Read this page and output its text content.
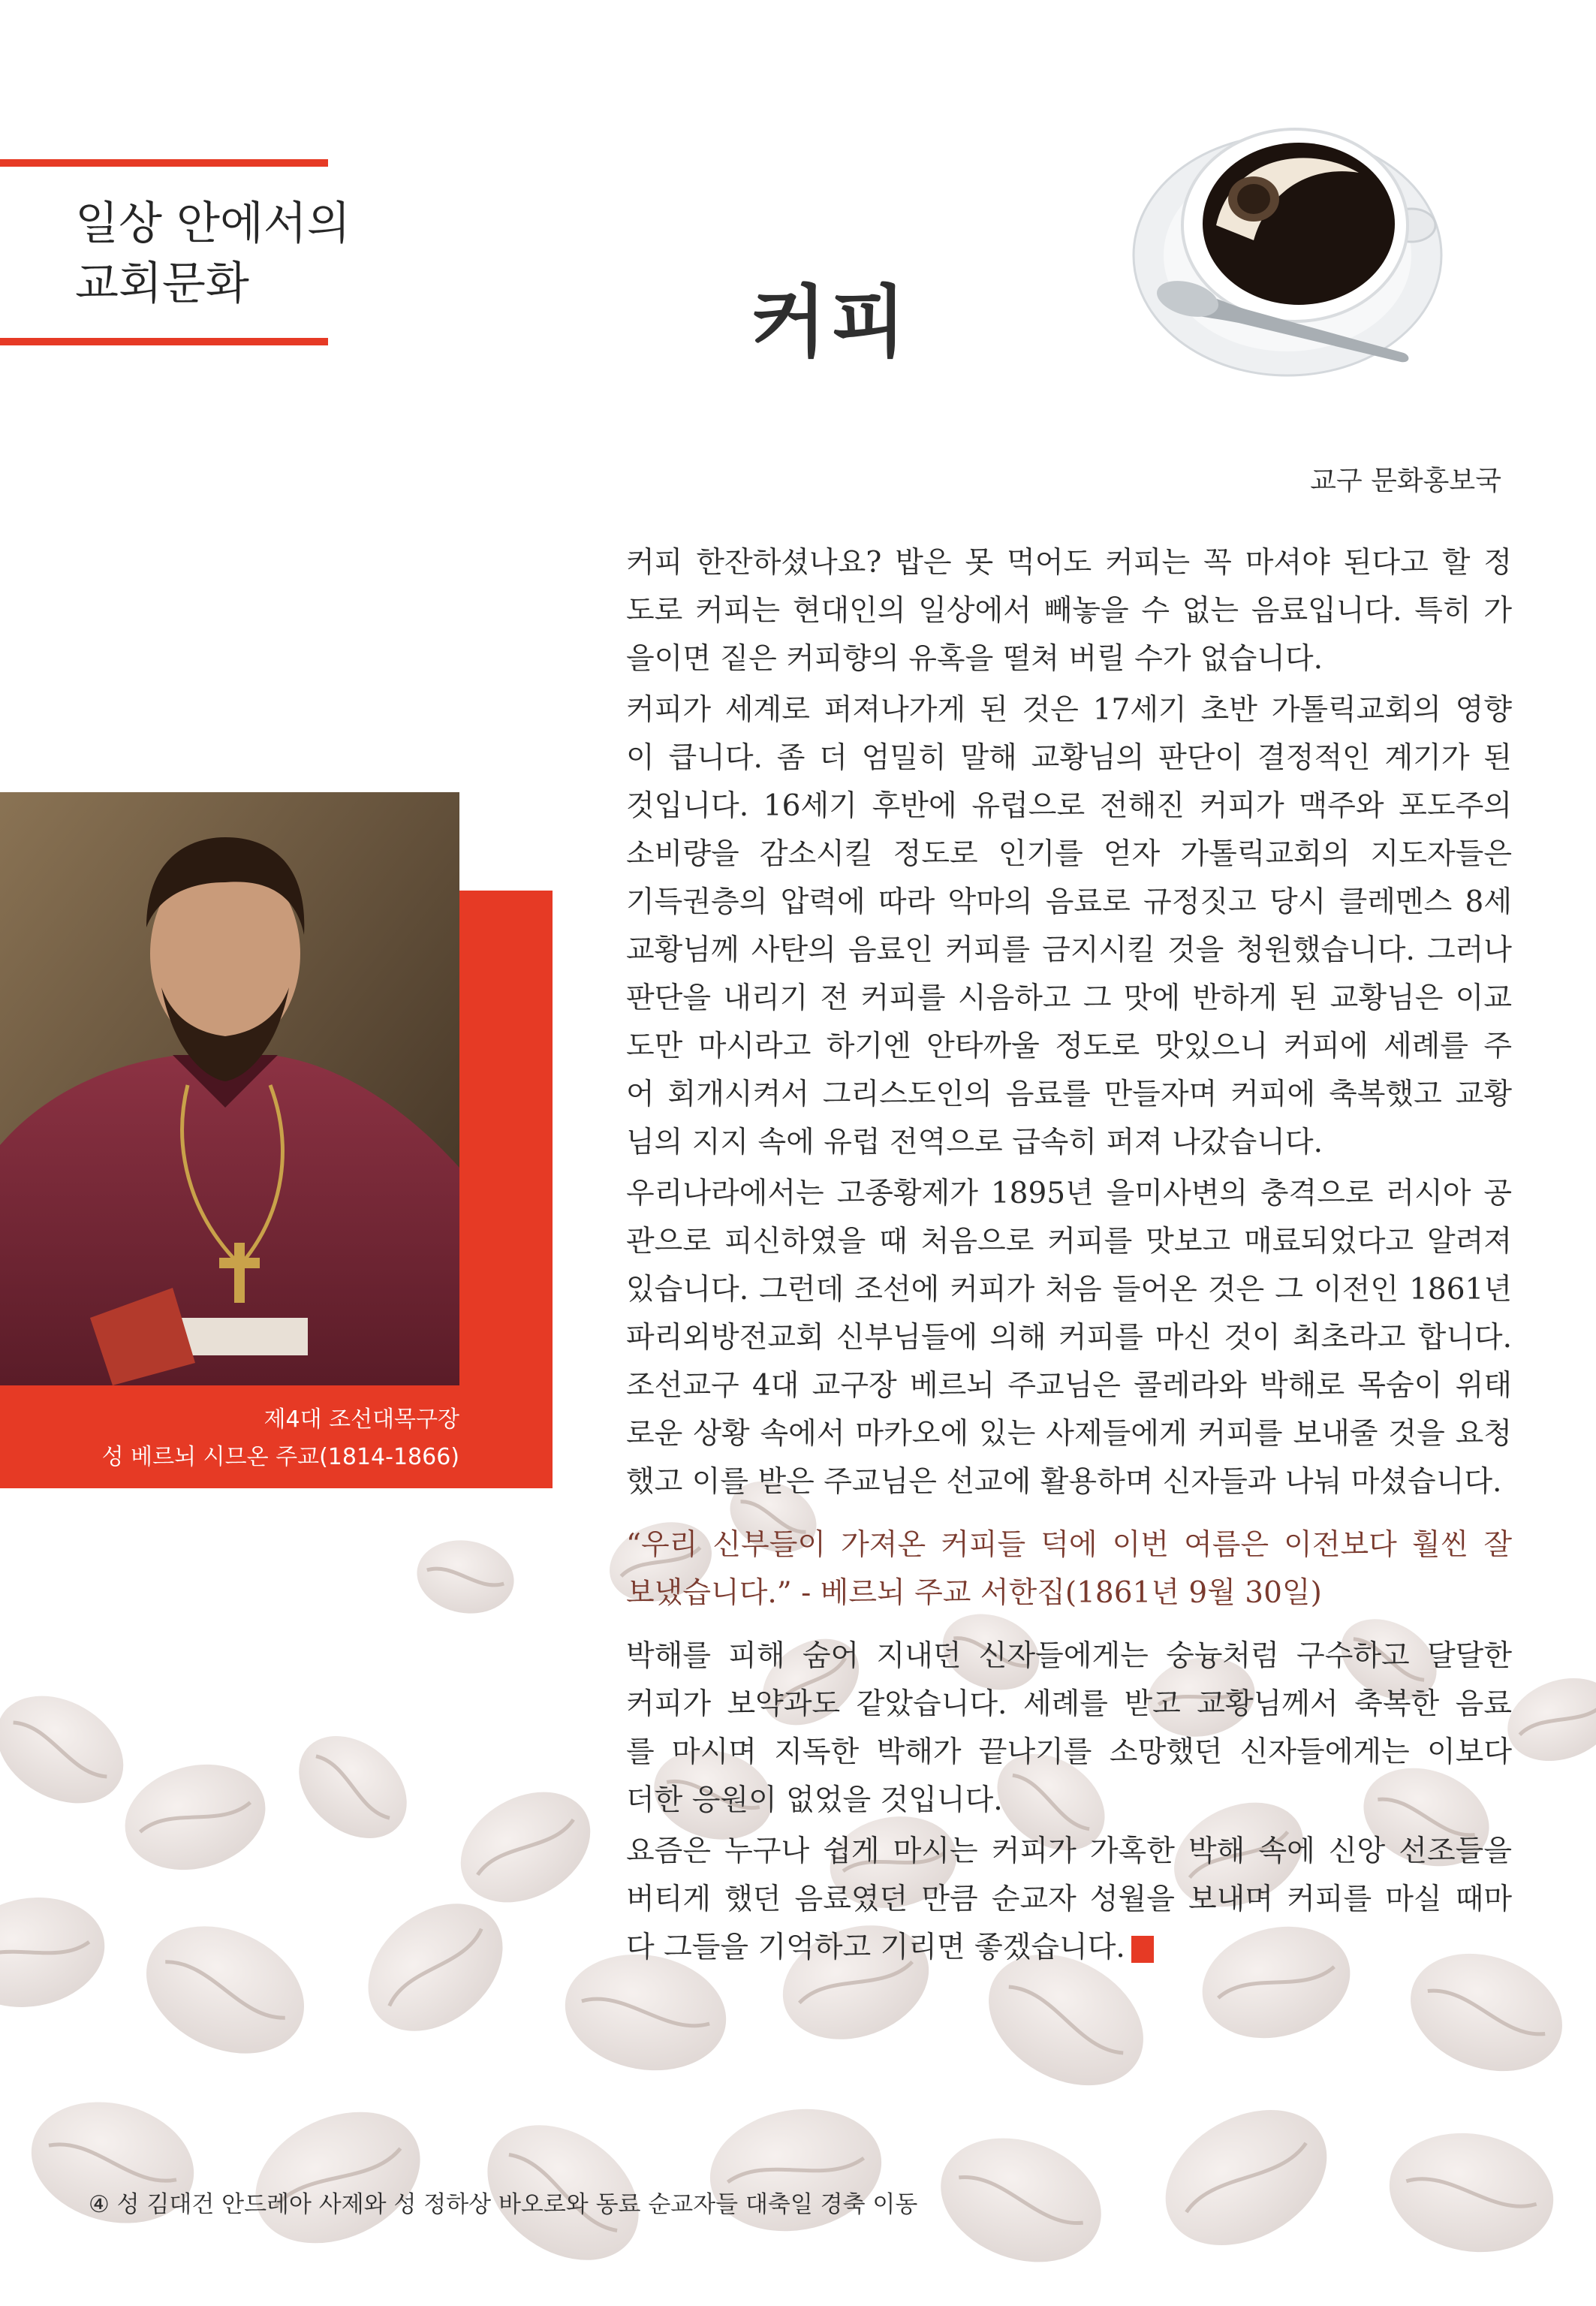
일상 안에서의
교회문화	커피
교구 문화홍보국
제4대 조선대목구장
성 베르뇌 시므온 주교(1814-1866)
커피 한잔하셨나요? 밥은 못 먹어도 커피는 꼭 마셔야 된다고 할 정
도로 커피는 현대인의 일상에서 빼놓을 수 없는 음료입니다. 특히 가
을이면 짙은 커피향의 유혹을 떨쳐 버릴 수가 없습니다.
커피가 세계로 퍼져나가게 된 것은 17세기 초반 가톨릭교회의 영향
이 큽니다. 좀 더 엄밀히 말해 교황님의 판단이 결정적인 계기가 된
것입니다. 16세기 후반에 유럽으로 전해진 커피가 맥주와 포도주의
소비량을 감소시킬 정도로 인기를 얻자 가톨릭교회의 지도자들은
기득권층의 압력에 따라 악마의 음료로 규정짓고 당시 클레멘스 8세
교황님께 사탄의 음료인 커피를 금지시킬 것을 청원했습니다. 그러나
판단을 내리기 전 커피를 시음하고 그 맛에 반하게 된 교황님은 이교
도만 마시라고 하기엔 안타까울 정도로 맛있으니 커피에 세례를 주
어 회개시켜서 그리스도인의 음료를 만들자며 커피에 축복했고 교황
님의 지지 속에 유럽 전역으로 급속히 퍼져 나갔습니다.
우리나라에서는 고종황제가 1895년 을미사변의 충격으로 러시아 공
관으로 피신하였을 때 처음으로 커피를 맛보고 매료되었다고 알려져
있습니다. 그런데 조선에 커피가 처음 들어온 것은 그 이전인 1861년
파리외방전교회 신부님들에 의해 커피를 마신 것이 최초라고 합니다.
조선교구 4대 교구장 베르뇌 주교님은 콜레라와 박해로 목숨이 위태
로운 상황 속에서 마카오에 있는 사제들에게 커피를 보내줄 것을 요청
했고 이를 받은 주교님은 선교에 활용하며 신자들과 나눠 마셨습니다.
“우리 신부들이 가져온 커피들 덕에 이번 여름은 이전보다 훨씬 잘
보냈습니다.” - 베르뇌 주교 서한집(1861년 9월 30일)
박해를 피해 숨어 지내던 신자들에게는 숭늉처럼 구수하고 달달한
커피가 보약과도 같았습니다. 세례를 받고 교황님께서 축복한 음료
를 마시며 지독한 박해가 끝나기를 소망했던 신자들에게는 이보다
더한 응원이 없었을 것입니다.
요즘은 누구나 쉽게 마시는 커피가 가혹한 박해 속에 신앙 선조들을
버티게 했던 음료였던 만큼 순교자 성월을 보내며 커피를 마실 때마
다 그들을 기억하고 기리면 좋겠습니다.
④ 성 김대건 안드레아 사제와 성 정하상 바오로와 동료 순교자들 대축일 경축 이동
